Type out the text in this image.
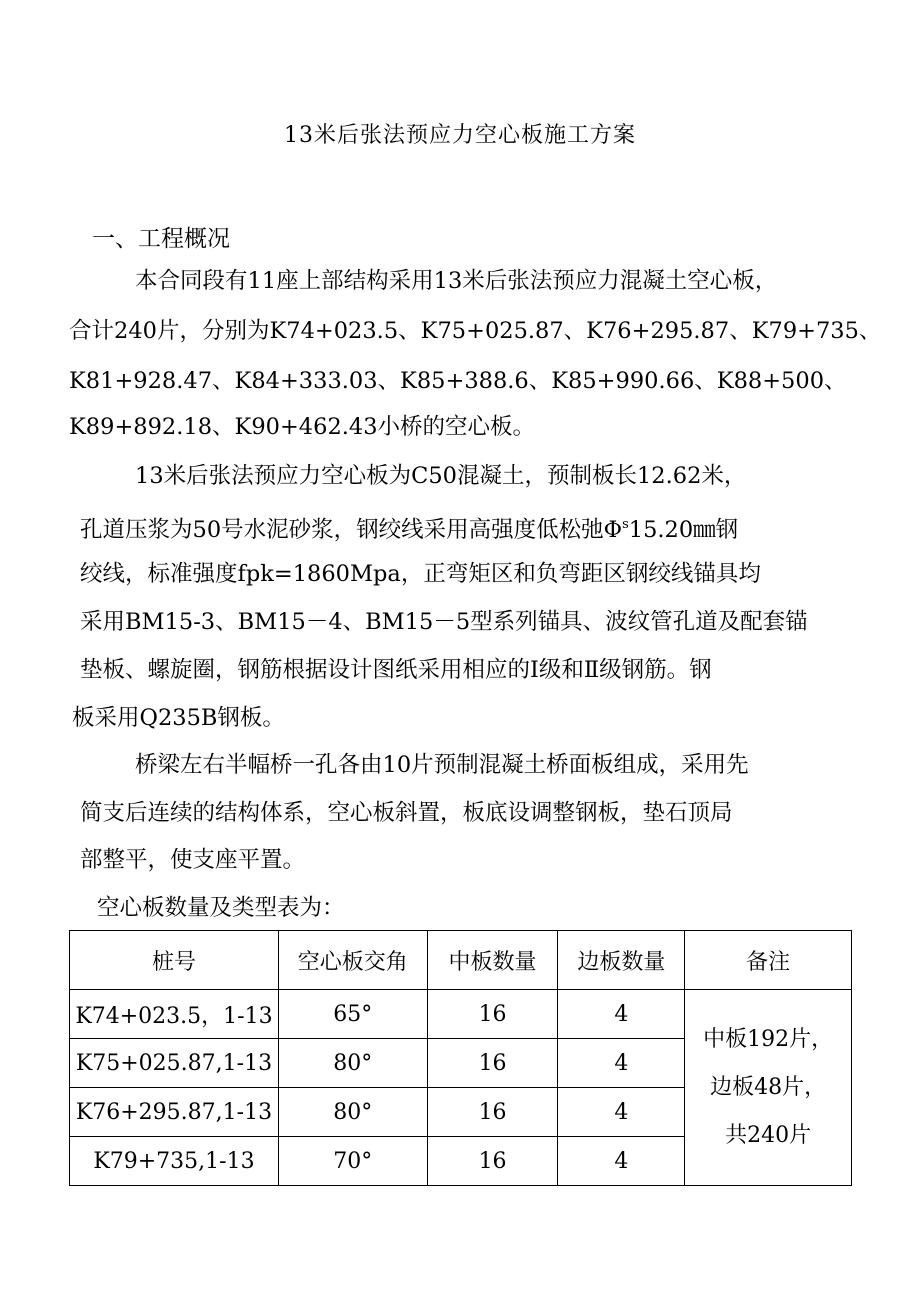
13米后张法预应力空心板施工方案
一、工程概况
本合同段有11座上部结构采用13米后张法预应力混凝土空心板，
合计240片，分别为K74+023.5、K75+025.87、K76+295.87、K79+735、
K81+928.47、K84+333.03、K85+388.6、K85+990.66、K88+500、
K89+892.18、K90+462.43小桥的空心板。
13米后张法预应力空心板为C50混凝土，预制板长12.62米，
孔道压浆为50号水泥砂浆，钢绞线采用高强度低松弛$\Phi^s15.20㎜$钢
绞线，标准强度fpk=1860Mpa，正弯矩区和负弯距区钢绞线锚具均
采用BM15-3、BM15－4、BM15－5型系列锚具、波纹管孔道及配套锚
垫板、螺旋圈，钢筋根据设计图纸采用相应的Ⅰ级和Ⅱ级钢筋。钢
板采用Q235B钢板。
桥梁左右半幅桥一孔各由10片预制混凝土桥面板组成，采用先
简支后连续的结构体系，空心板斜置，板底设调整钢板，垫石顶局
部整平，使支座平置。
空心板数量及类型表为：
桩号	空心板交角	中板数量	边板数量	备注
K74+023.5，1-13	65°	16	4	中板192片，
边板48片，
共240片

K75+025.87,1-13	80°	16	4	
K76+295.87,1-13	80°	16	4	
K79+735,1-13	70°	16	4	
